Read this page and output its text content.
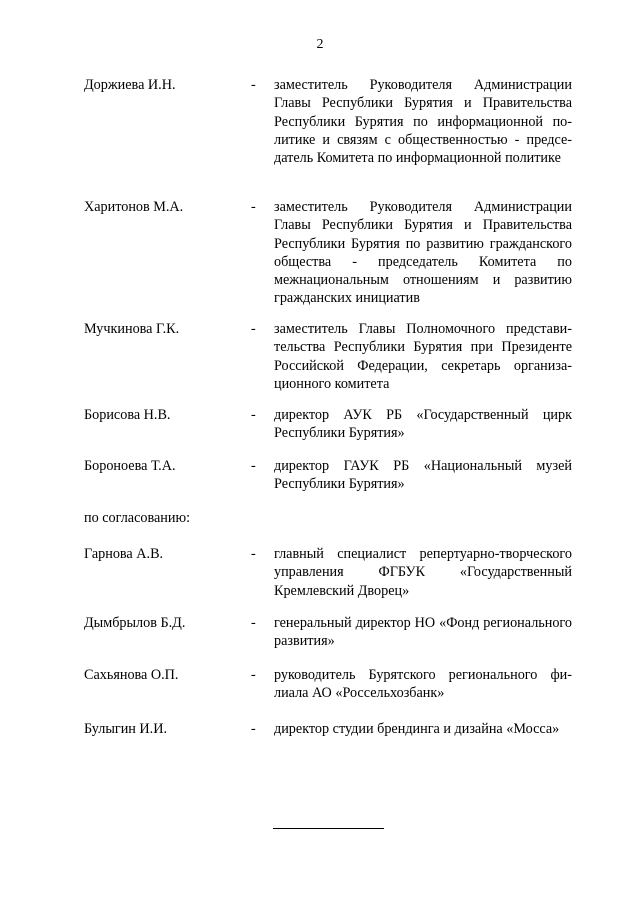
2
Доржиева И.Н.	- заместитель Руководителя Администрации Главы Республики Бурятия и Правительства Республики Бурятия по информационной политике и связям с общественностью - председатель Комитета по информационной политике
Харитонов М.А.	- заместитель Руководителя Администрации Главы Республики Бурятия и Правительства Республики Бурятия по развитию гражданского общества - председатель Комитета по межнациональным отношениям и развитию гражданских инициатив
Мучкинова Г.К.	- заместитель Главы Полномочного представительства Республики Бурятия при Президенте Российской Федерации, секретарь организационного комитета
Борисова Н.В.	- директор АУК РБ «Государственный цирк Республики Бурятия»
Бороноева Т.А.	- директор ГАУК РБ «Национальный музей Республики Бурятия»
по согласованию:
Гарнова А.В.	- главный специалист репертуарно-творческого управления ФГБУК «Государственный Кремлевский Дворец»
Дымбрылов Б.Д.	- генеральный директор НО «Фонд регионального развития»
Сахьянова О.П.	- руководитель Бурятского регионального филиала АО «Россельхозбанк»
Булыгин И.И.	- директор студии брендинга и дизайна «Мосса»
